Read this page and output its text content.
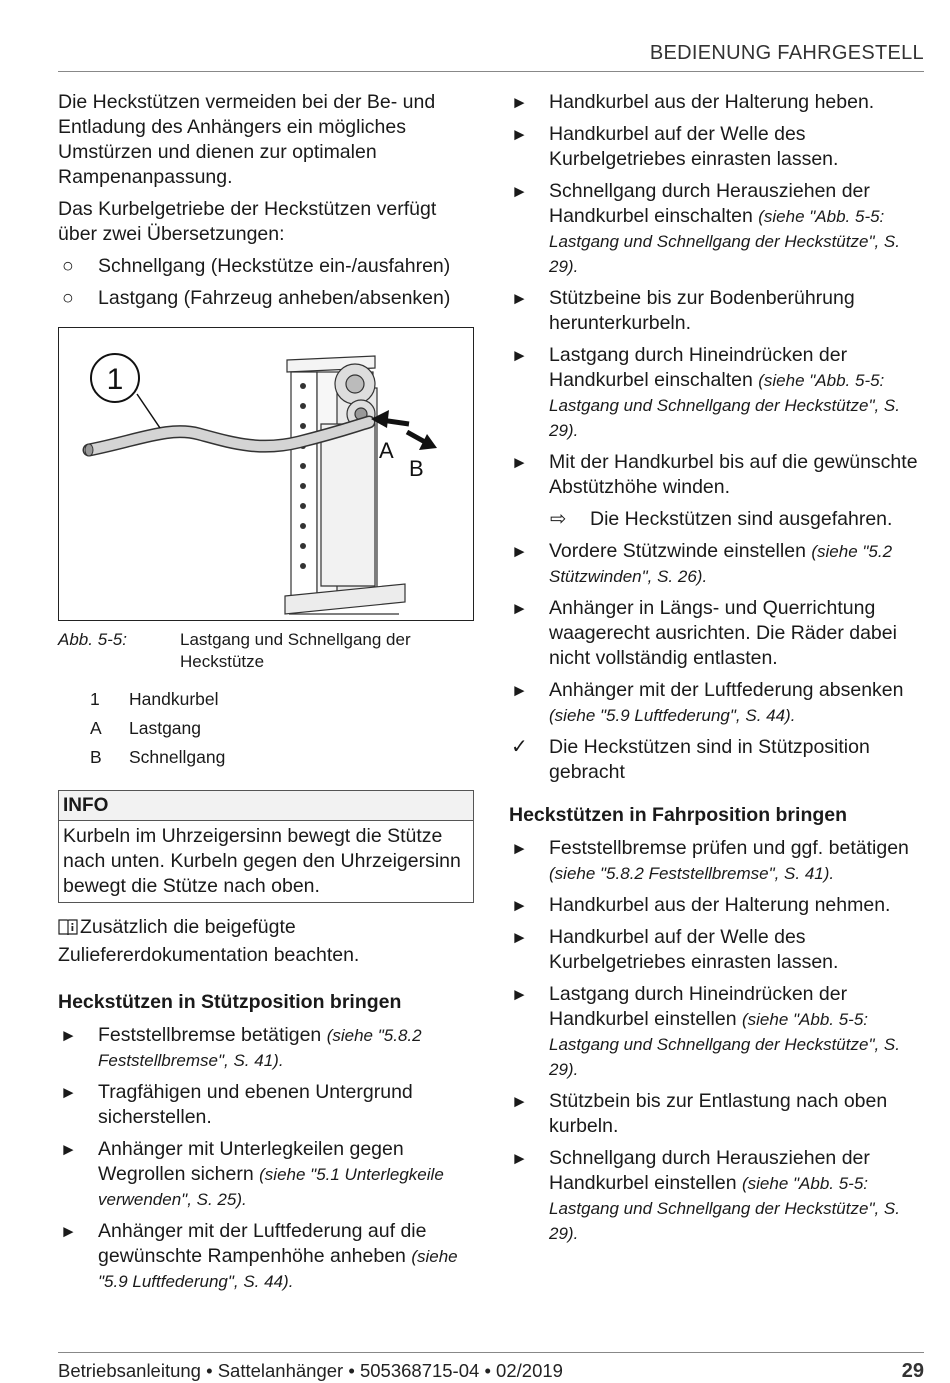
BEDIENUNG FAHRGESTELL

Die Heckstützen vermeiden bei der Be- und Entladung des Anhängers ein mögliches Umstürzen und dienen zur optimalen Rampenanpassung.

Das Kurbelgetriebe der Heckstützen verfügt über zwei Übersetzungen:

○ Schnellgang (Heckstütze ein-/ausfahren)
○ Lastgang (Fahrzeug anheben/absenken)
1
A
B
Abb. 5-5:	Lastgang und Schnellgang der Heckstütze
1	Handkurbel
A	Lastgang
B	Schnellgang
INFO
Kurbeln im Uhrzeigersinn bewegt die Stütze nach unten. Kurbeln gegen den Uhrzeigersinn bewegt die Stütze nach oben.

Zusätzlich die beigefügte Zuliefererdokumentation beachten.

Heckstützen in Stützposition bringen
► Feststellbremse betätigen (siehe "5.8.2 Feststellbremse", S. 41).
► Tragfähigen und ebenen Untergrund sicherstellen.
► Anhänger mit Unterlegkeilen gegen Wegrollen sichern (siehe "5.1 Unterlegkeile verwenden", S. 25).
► Anhänger mit der Luftfederung auf die gewünschte Rampenhöhe anheben (siehe "5.9 Luftfederung", S. 44).
► Handkurbel aus der Halterung heben.
► Handkurbel auf der Welle des Kurbelgetriebes einrasten lassen.
► Schnellgang durch Herausziehen der Handkurbel einschalten (siehe "Abb. 5-5: Lastgang und Schnellgang der Heckstütze", S. 29).
► Stützbeine bis zur Bodenberührung herunterkurbeln.
► Lastgang durch Hineindrücken der Handkurbel einschalten (siehe "Abb. 5-5: Lastgang und Schnellgang der Heckstütze", S. 29).
► Mit der Handkurbel bis auf die gewünschte Abstützhöhe winden.
⇨ Die Heckstützen sind ausgefahren.
► Vordere Stützwinde einstellen (siehe "5.2 Stützwinden", S. 26).
► Anhänger in Längs- und Querrichtung waagerecht ausrichten. Die Räder dabei nicht vollständig entlasten.
► Anhänger mit der Luftfederung absenken (siehe "5.9 Luftfederung", S. 44).
✓ Die Heckstützen sind in Stützposition gebracht
Heckstützen in Fahrposition bringen
► Feststellbremse prüfen und ggf. betätigen (siehe "5.8.2 Feststellbremse", S. 41).
► Handkurbel aus der Halterung nehmen.
► Handkurbel auf der Welle des Kurbelgetriebes einrasten lassen.
► Lastgang durch Hineindrücken der Handkurbel einstellen (siehe "Abb. 5-5: Lastgang und Schnellgang der Heckstütze", S. 29).
► Stützbein bis zur Entlastung nach oben kurbeln.
► Schnellgang durch Herausziehen der Handkurbel einstellen (siehe "Abb. 5-5: Lastgang und Schnellgang der Heckstütze", S. 29).
Betriebsanleitung • Sattelanhänger • 505368715-04 • 02/2019	29
